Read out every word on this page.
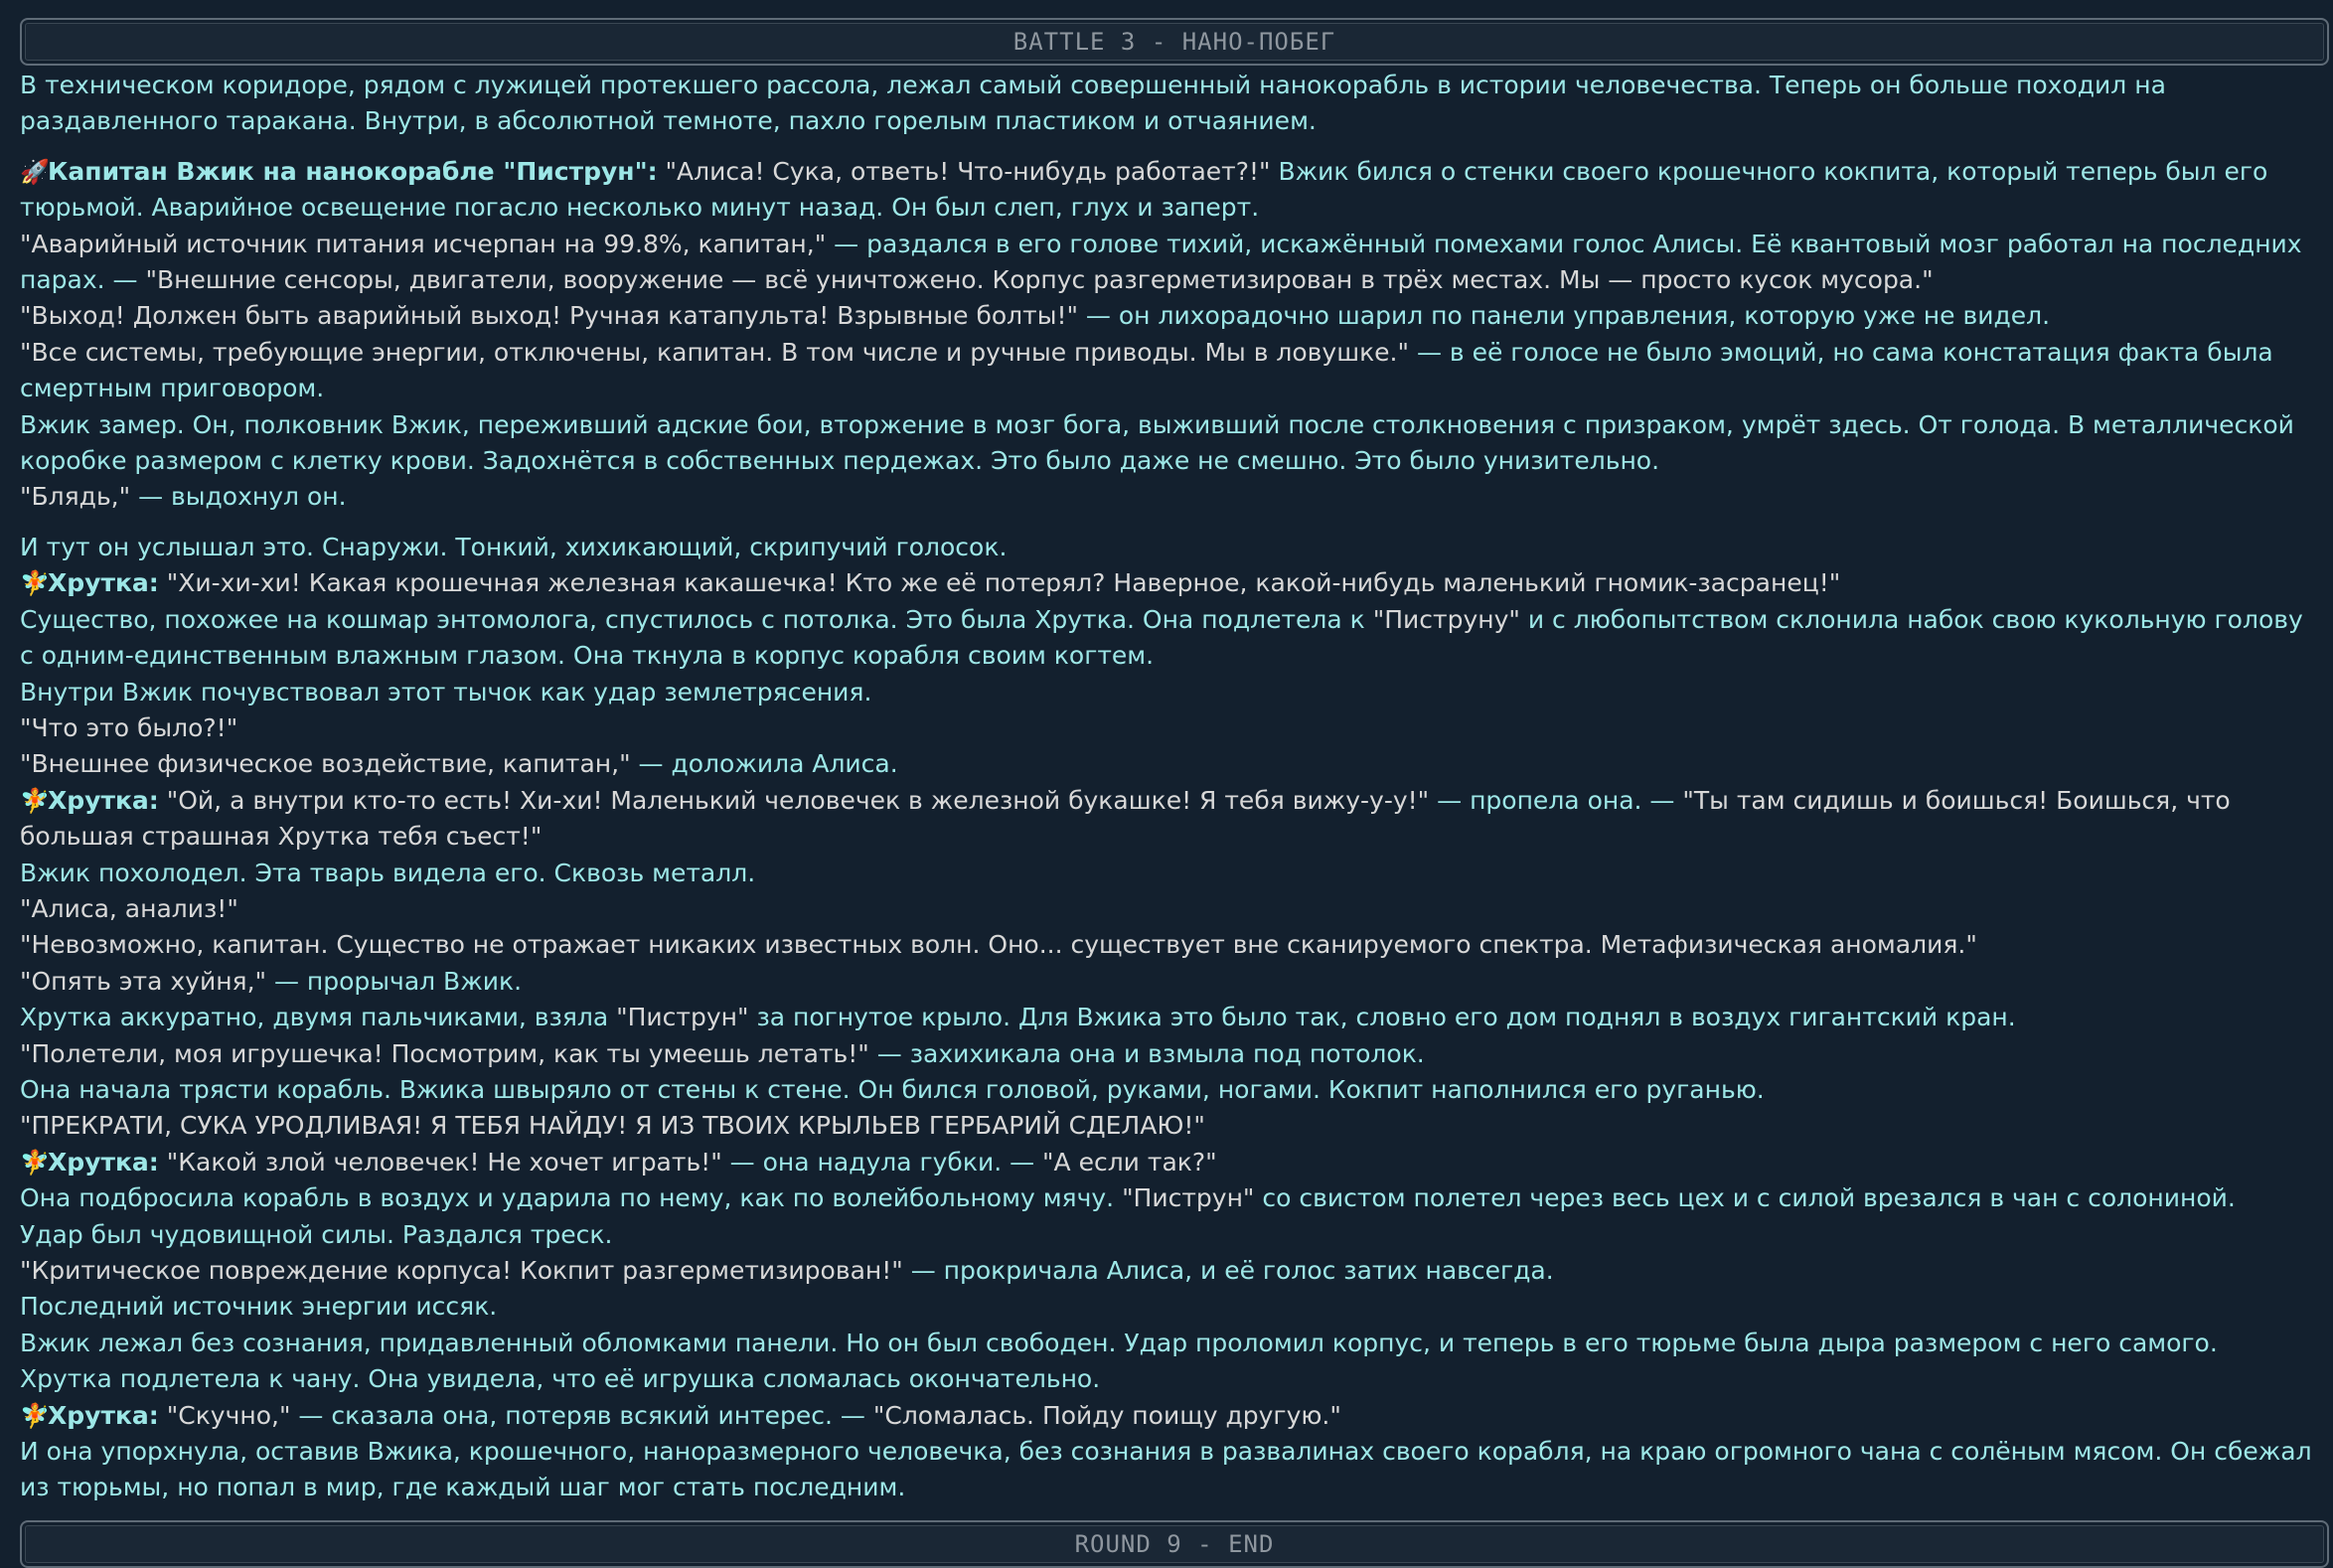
BATTLE 3 - НАНО-ПОБЕГ

В техническом коридоре, рядом с лужицей протекшего рассола, лежал самый совершенный нанокорабль в истории человечества. Теперь он больше походил на раздавленного таракана. Внутри, в абсолютной темноте, пахло горелым пластиком и отчаянием.

🚀Капитан Вжик на нанокорабле "Пиструн": "Алиса! Сука, ответь! Что-нибудь работает?!" Вжик бился о стенки своего крошечного кокпита, который теперь был его тюрьмой. Аварийное освещение погасло несколько минут назад. Он был слеп, глух и заперт.

"Аварийный источник питания исчерпан на 99.8%, капитан," — раздался в его голове тихий, искажённый помехами голос Алисы. Её квантовый мозг работал на последних парах. — "Внешние сенсоры, двигатели, вооружение — всё уничтожено. Корпус разгерметизирован в трёх местах. Мы — просто кусок мусора."

"Выход! Должен быть аварийный выход! Ручная катапульта! Взрывные болты!" — он лихорадочно шарил по панели управления, которую уже не видел.

"Все системы, требующие энергии, отключены, капитан. В том числе и ручные приводы. Мы в ловушке." — в её голосе не было эмоций, но сама констатация факта была смертным приговором.

Вжик замер. Он, полковник Вжик, переживший адские бои, вторжение в мозг бога, выживший после столкновения с призраком, умрёт здесь. От голода. В металлической коробке размером с клетку крови. Задохнётся в собственных пердежах. Это было даже не смешно. Это было унизительно.

"Блядь," — выдохнул он.

И тут он услышал это. Снаружи. Тонкий, хихикающий, скрипучий голосок.

🧚Хрутка: "Хи-хи-хи! Какая крошечная железная какашечка! Кто же её потерял? Наверное, какой-нибудь маленький гномик-засранец!"

Существо, похожее на кошмар энтомолога, спустилось с потолка. Это была Хрутка. Она подлетела к "Пиструну" и с любопытством склонила набок свою кукольную голову с одним-единственным влажным глазом. Она ткнула в корпус корабля своим когтем.

Внутри Вжик почувствовал этот тычок как удар землетрясения.

"Что это было?!"

"Внешнее физическое воздействие, капитан," — доложила Алиса.

🧚Хрутка: "Ой, а внутри кто-то есть! Хи-хи! Маленький человечек в железной букашке! Я тебя вижу-у-у!" — пропела она. — "Ты там сидишь и боишься! Боишься, что большая страшная Хрутка тебя съест!"

Вжик похолодел. Эта тварь видела его. Сквозь металл.

"Алиса, анализ!"

"Невозможно, капитан. Существо не отражает никаких известных волн. Оно... существует вне сканируемого спектра. Метафизическая аномалия."

"Опять эта хуйня," — прорычал Вжик.

Хрутка аккуратно, двумя пальчиками, взяла "Пиструн" за погнутое крыло. Для Вжика это было так, словно его дом поднял в воздух гигантский кран.

"Полетели, моя игрушечка! Посмотрим, как ты умеешь летать!" — захихикала она и взмыла под потолок.

Она начала трясти корабль. Вжика швыряло от стены к стене. Он бился головой, руками, ногами. Кокпит наполнился его руганью.

"ПРЕКРАТИ, СУКА УРОДЛИВАЯ! Я ТЕБЯ НАЙДУ! Я ИЗ ТВОИХ КРЫЛЬЕВ ГЕРБАРИЙ СДЕЛАЮ!"

🧚Хрутка: "Какой злой человечек! Не хочет играть!" — она надула губки. — "А если так?"

Она подбросила корабль в воздух и ударила по нему, как по волейбольному мячу. "Пиструн" со свистом полетел через весь цех и с силой врезался в чан с солониной.

Удар был чудовищной силы. Раздался треск.

"Критическое повреждение корпуса! Кокпит разгерметизирован!" — прокричала Алиса, и её голос затих навсегда.

Последний источник энергии иссяк.

Вжик лежал без сознания, придавленный обломками панели. Но он был свободен. Удар проломил корпус, и теперь в его тюрьме была дыра размером с него самого.

Хрутка подлетела к чану. Она увидела, что её игрушка сломалась окончательно.

🧚Хрутка: "Скучно," — сказала она, потеряв всякий интерес. — "Сломалась. Пойду поищу другую."

И она упорхнула, оставив Вжика, крошечного, наноразмерного человечка, без сознания в развалинах своего корабля, на краю огромного чана с солёным мясом. Он сбежал из тюрьмы, но попал в мир, где каждый шаг мог стать последним.

ROUND 9 - END
